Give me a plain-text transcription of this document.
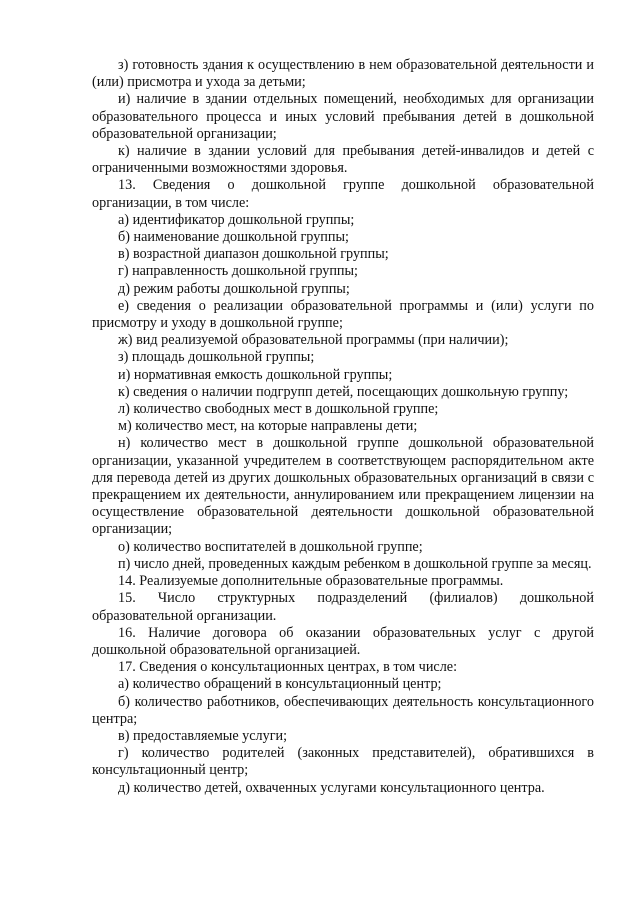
з) готовность здания к осуществлению в нем образовательной деятельности и (или) присмотра и ухода за детьми;

и) наличие в здании отдельных помещений, необходимых для организации образовательного процесса и иных условий пребывания детей в дошкольной образовательной организации;

к) наличие в здании условий для пребывания детей-инвалидов и детей с ограниченными возможностями здоровья.

13. Сведения о дошкольной группе дошкольной образовательной организации, в том числе:

а) идентификатор дошкольной группы;

б) наименование дошкольной группы;

в) возрастной диапазон дошкольной группы;

г) направленность дошкольной группы;

д) режим работы дошкольной группы;

е) сведения о реализации образовательной программы и (или) услуги по присмотру и уходу в дошкольной группе;

ж) вид реализуемой образовательной программы (при наличии);

з) площадь дошкольной группы;

и) нормативная емкость дошкольной группы;

к) сведения о наличии подгрупп детей, посещающих дошкольную группу;

л) количество свободных мест в дошкольной группе;

м) количество мест, на которые направлены дети;

н) количество мест в дошкольной группе дошкольной образовательной организации, указанной учредителем в соответствующем распорядительном акте для перевода детей из других дошкольных образовательных организаций в связи с прекращением их деятельности, аннулированием или прекращением лицензии на осуществление образовательной деятельности дошкольной образовательной организации;

о) количество воспитателей в дошкольной группе;

п) число дней, проведенных каждым ребенком в дошкольной группе за месяц.

14. Реализуемые дополнительные образовательные программы.

15. Число структурных подразделений (филиалов) дошкольной образовательной организации.

16. Наличие договора об оказании образовательных услуг с другой дошкольной образовательной организацией.

17. Сведения о консультационных центрах, в том числе:

а) количество обращений в консультационный центр;

б) количество работников, обеспечивающих деятельность консультационного центра;

в) предоставляемые услуги;

г) количество родителей (законных представителей), обратившихся в консультационный центр;

д) количество детей, охваченных услугами консультационного центра.
